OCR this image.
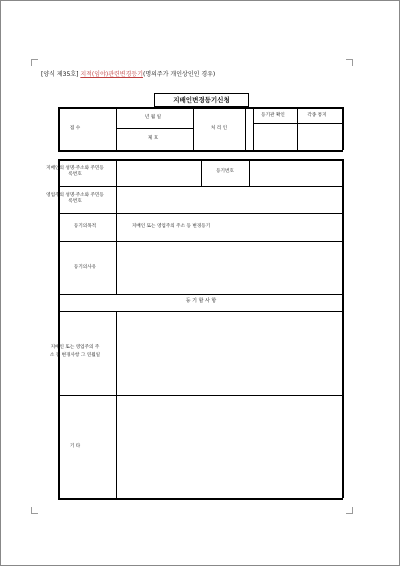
[양식 제35호] 지적(임야)관련변경등기(명의주가 개인상인인 경우)
지배인변경등기신청
접 수
년 월 일
제 호
처 리 인
등기관 확인	각종 통지
지배인의 성명·주소와 주민등록번호
등기번호
영업주의 성명·주소와 주민등록번호
등기의목적	지배인 또는 영업주의 주소 등 변경등기
등기의사유
등 기 할 사 항
지배인 또는 영업주의 주소 등 변경사항 그 연월일
기 타
